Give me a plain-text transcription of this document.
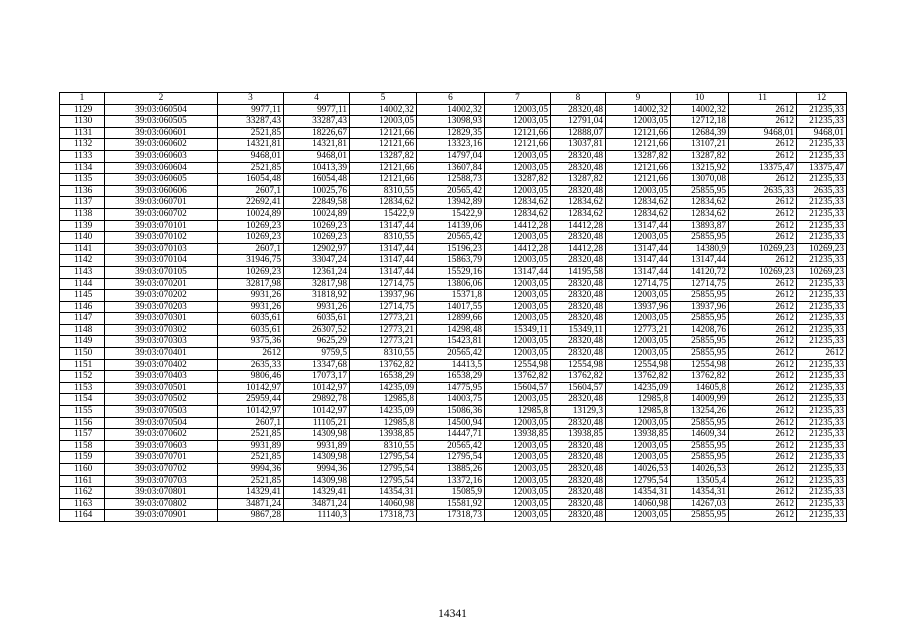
1	2	3	4	5	6	7	8	9	10	11	12
1129	39:03:060504	9977,11	9977,11	14002,32	14002,32	12003,05	28320,48	14002,32	14002,32	2612	21235,33
1130	39:03:060505	33287,43	33287,43	12003,05	13098,93	12003,05	12791,04	12003,05	12712,18	2612	21235,33
1131	39:03:060601	2521,85	18226,67	12121,66	12829,35	12121,66	12888,07	12121,66	12684,39	9468,01	9468,01
1132	39:03:060602	14321,81	14321,81	12121,66	13323,16	12121,66	13037,81	12121,66	13107,21	2612	21235,33
1133	39:03:060603	9468,01	9468,01	13287,82	14797,04	12003,05	28320,48	13287,82	13287,82	2612	21235,33
1134	39:03:060604	2521,85	10413,39	12121,66	13607,84	12003,05	28320,48	12121,66	13215,92	13375,47	13375,47
1135	39:03:060605	16054,48	16054,48	12121,66	12588,73	13287,82	13287,82	12121,66	13070,08	2612	21235,33
1136	39:03:060606	2607,1	10025,76	8310,55	20565,42	12003,05	28320,48	12003,05	25855,95	2635,33	2635,33
1137	39:03:060701	22692,41	22849,58	12834,62	13942,89	12834,62	12834,62	12834,62	12834,62	2612	21235,33
1138	39:03:060702	10024,89	10024,89	15422,9	15422,9	12834,62	12834,62	12834,62	12834,62	2612	21235,33
1139	39:03:070101	10269,23	10269,23	13147,44	14139,06	14412,28	14412,28	13147,44	13893,87	2612	21235,33
1140	39:03:070102	10269,23	10269,23	8310,55	20565,42	12003,05	28320,48	12003,05	25855,95	2612	21235,33
1141	39:03:070103	2607,1	12902,97	13147,44	15196,23	14412,28	14412,28	13147,44	14380,9	10269,23	10269,23
1142	39:03:070104	31946,75	33047,24	13147,44	15863,79	12003,05	28320,48	13147,44	13147,44	2612	21235,33
1143	39:03:070105	10269,23	12361,24	13147,44	15529,16	13147,44	14195,58	13147,44	14120,72	10269,23	10269,23
1144	39:03:070201	32817,98	32817,98	12714,75	13806,06	12003,05	28320,48	12714,75	12714,75	2612	21235,33
1145	39:03:070202	9931,26	31818,92	13937,96	15371,8	12003,05	28320,48	12003,05	25855,95	2612	21235,33
1146	39:03:070203	9931,26	9931,26	12714,75	14017,55	12003,05	28320,48	13937,96	13937,96	2612	21235,33
1147	39:03:070301	6035,61	6035,61	12773,21	12899,66	12003,05	28320,48	12003,05	25855,95	2612	21235,33
1148	39:03:070302	6035,61	26307,52	12773,21	14298,48	15349,11	15349,11	12773,21	14208,76	2612	21235,33
1149	39:03:070303	9375,36	9625,29	12773,21	15423,81	12003,05	28320,48	12003,05	25855,95	2612	21235,33
1150	39:03:070401	2612	9759,5	8310,55	20565,42	12003,05	28320,48	12003,05	25855,95	2612	2612
1151	39:03:070402	2635,33	13347,68	13762,82	14413,5	12554,98	12554,98	12554,98	12554,98	2612	21235,33
1152	39:03:070403	9806,46	17073,17	16538,29	16538,29	13762,82	13762,82	13762,82	13762,82	2612	21235,33
1153	39:03:070501	10142,97	10142,97	14235,09	14775,95	15604,57	15604,57	14235,09	14605,8	2612	21235,33
1154	39:03:070502	25959,44	29892,78	12985,8	14003,75	12003,05	28320,48	12985,8	14009,99	2612	21235,33
1155	39:03:070503	10142,97	10142,97	14235,09	15086,36	12985,8	13129,3	12985,8	13254,26	2612	21235,33
1156	39:03:070504	2607,1	11105,21	12985,8	14500,94	12003,05	28320,48	12003,05	25855,95	2612	21235,33
1157	39:03:070602	2521,85	14309,98	13938,85	14447,71	13938,85	13938,85	13938,85	14609,34	2612	21235,33
1158	39:03:070603	9931,89	9931,89	8310,55	20565,42	12003,05	28320,48	12003,05	25855,95	2612	21235,33
1159	39:03:070701	2521,85	14309,98	12795,54	12795,54	12003,05	28320,48	12003,05	25855,95	2612	21235,33
1160	39:03:070702	9994,36	9994,36	12795,54	13885,26	12003,05	28320,48	14026,53	14026,53	2612	21235,33
1161	39:03:070703	2521,85	14309,98	12795,54	13372,16	12003,05	28320,48	12795,54	13505,4	2612	21235,33
1162	39:03:070801	14329,41	14329,41	14354,31	15085,9	12003,05	28320,48	14354,31	14354,31	2612	21235,33
1163	39:03:070802	34871,24	34871,24	14060,98	15581,92	12003,05	28320,48	14060,98	14267,03	2612	21235,33
1164	39:03:070901	9867,28	11140,3	17318,73	17318,73	12003,05	28320,48	12003,05	25855,95	2612	21235,33
14341
